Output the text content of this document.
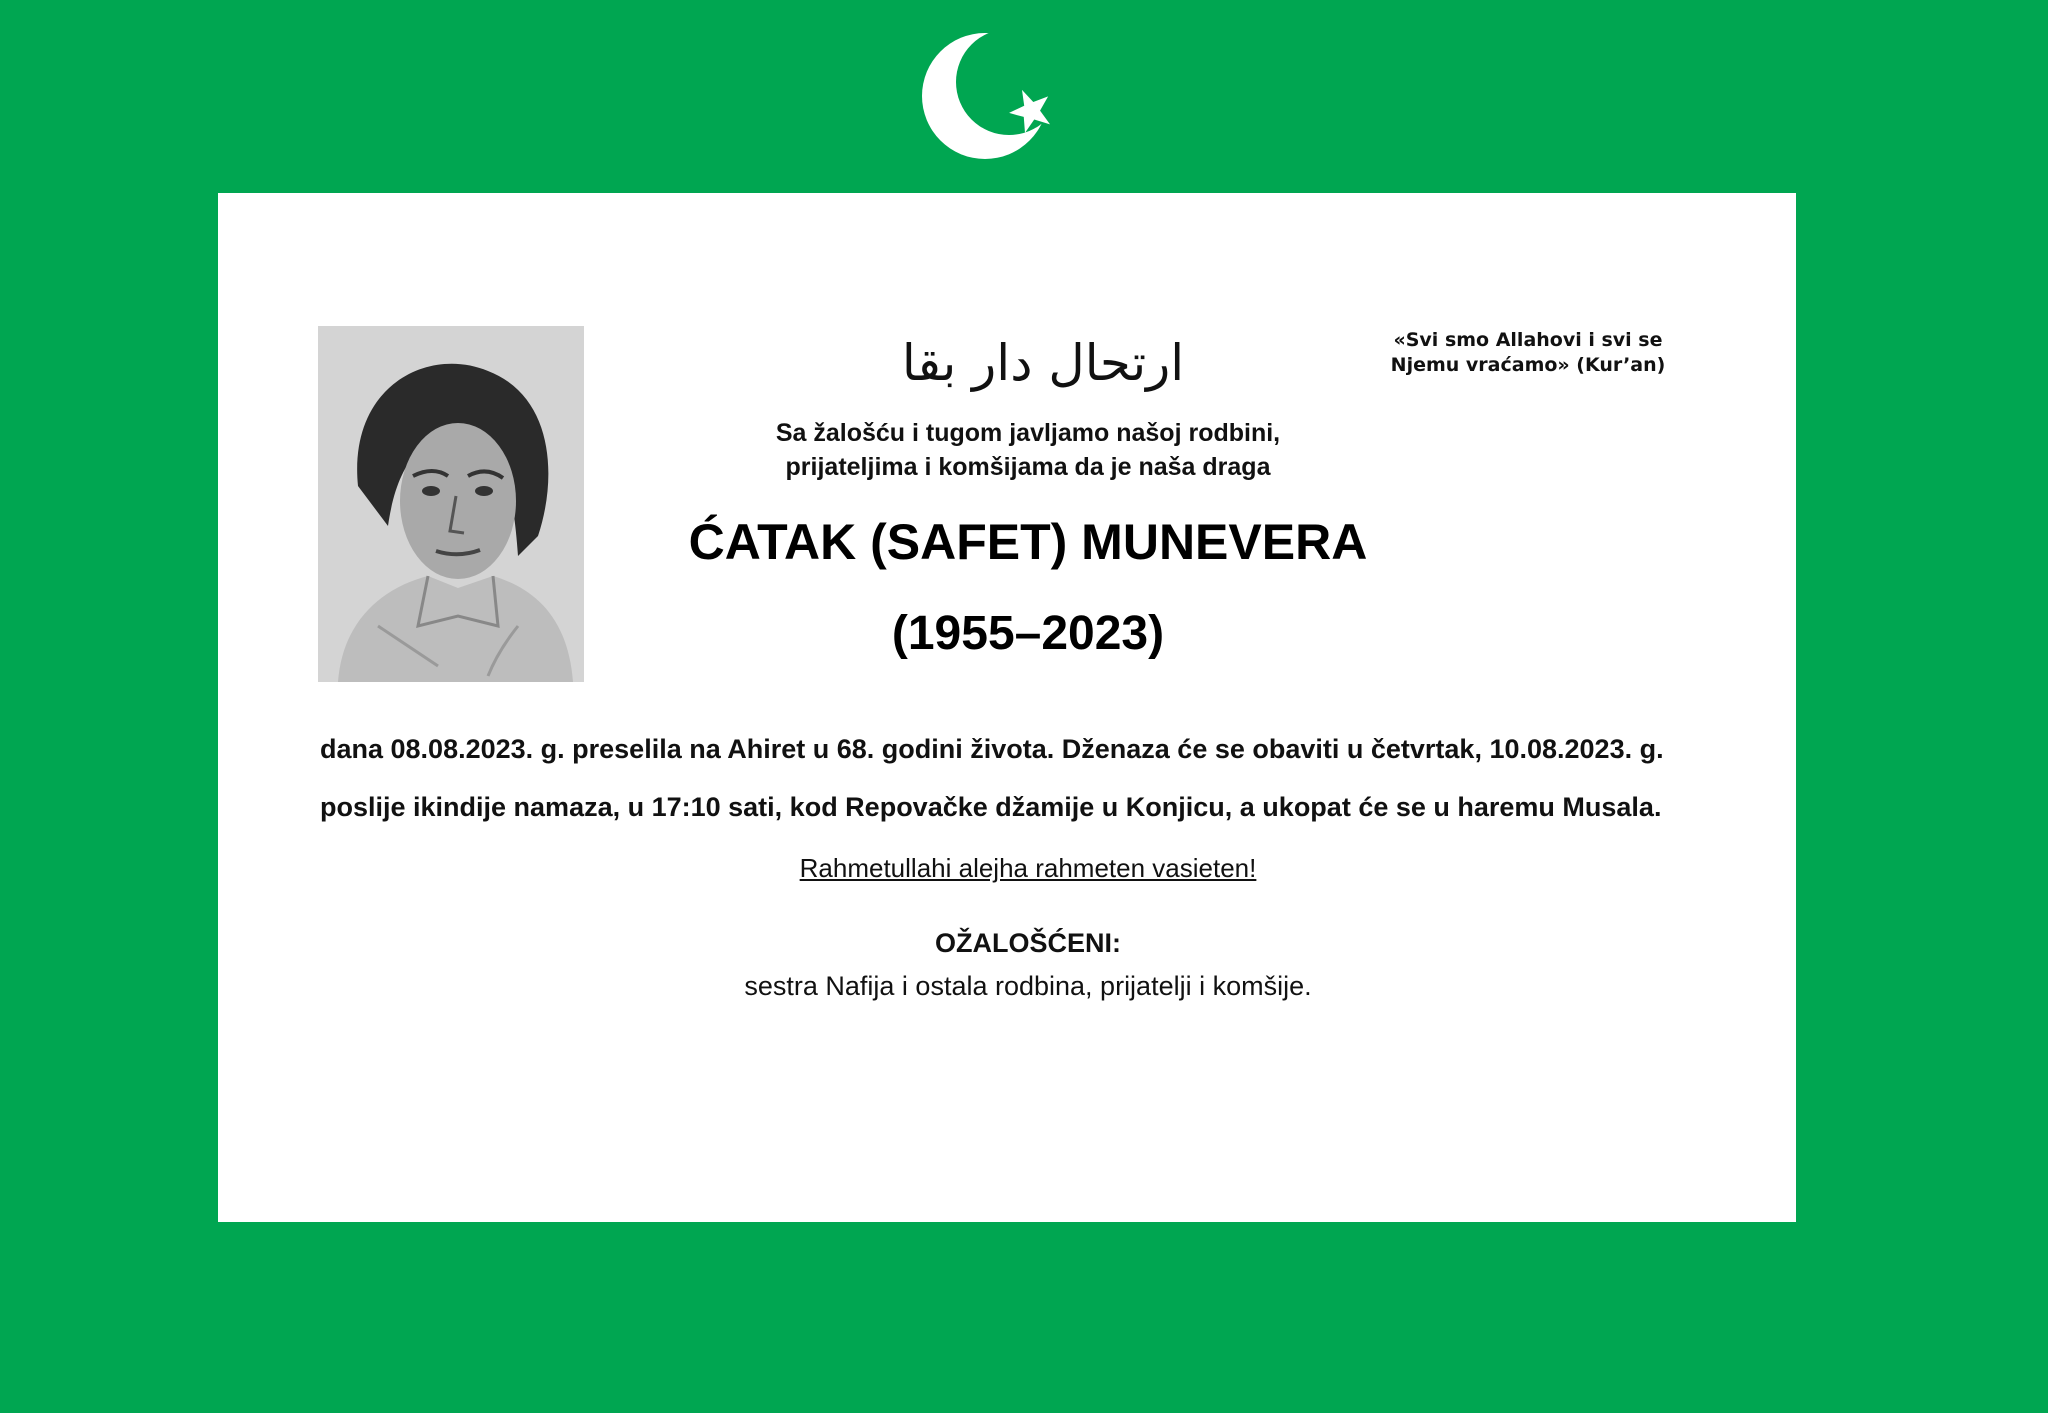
ارتحال دار بقا	«Svi smo Allahovi i svi se
Njemu vraćamo» (Kur’an)
Sa žalošću i tugom javljamo našoj rodbini,
prijateljima i komšijama da je naša draga
ĆATAK (SAFET) MUNEVERA
(1955–2023)
dana 08.08.2023. g. preselila na Ahiret u 68. godini života. Dženaza će se obaviti u četvrtak, 10.08.2023. g.
poslije ikindije namaza, u 17:10 sati, kod Repovačke džamije u Konjicu, a ukopat će se u haremu Musala.
Rahmetullahi alejha rahmeten vasieten!
OŽALOŠĆENI:
sestra Nafija i ostala rodbina, prijatelji i komšije.
